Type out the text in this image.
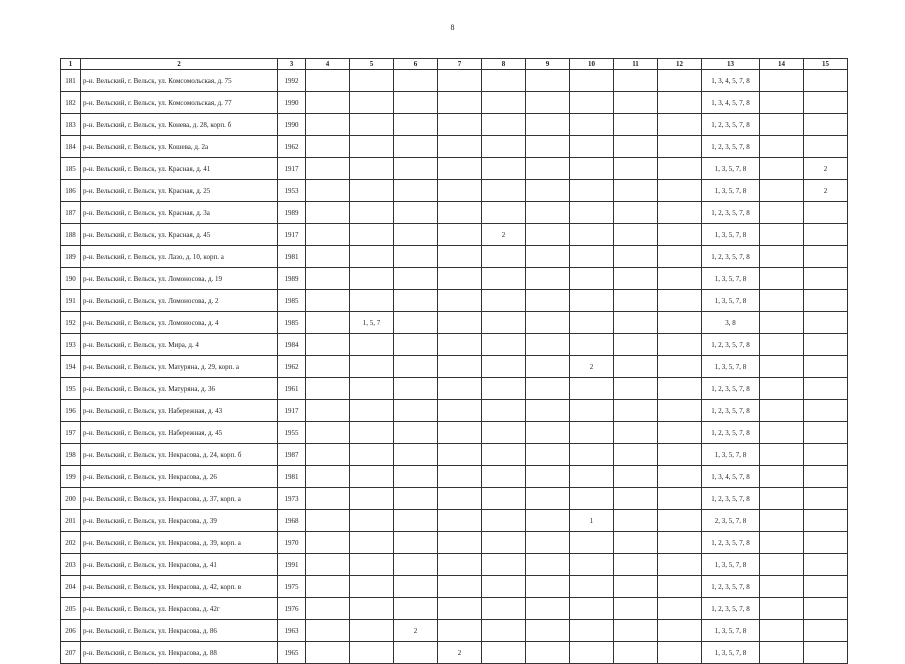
8
1	2	3	4	5	6	7	8	9	10	11	12	13	14	15
181	р-н. Вельский, г. Вельск, ул. Комсомольская, д. 75	1992										1, 3, 4, 5, 7, 8		
182	р-н. Вельский, г. Вельск, ул. Комсомольская, д. 77	1990										1, 3, 4, 5, 7, 8		
183	р-н. Вельский, г. Вельск, ул. Конева, д. 28, корп. б	1990										1, 2, 3, 5, 7, 8		
184	р-н. Вельский, г. Вельск, ул. Кошева, д. 2а	1962										1, 2, 3, 5, 7, 8		
185	р-н. Вельский, г. Вельск, ул. Красная, д. 41	1917										1, 3, 5, 7, 8		2
186	р-н. Вельский, г. Вельск, ул. Красная, д. 25	1953										1, 3, 5, 7, 8		2
187	р-н. Вельский, г. Вельск, ул. Красная, д. 3а	1989										1, 2, 3, 5, 7, 8		
188	р-н. Вельский, г. Вельск, ул. Красная, д. 45	1917					2					1, 3, 5, 7, 8		
189	р-н. Вельский, г. Вельск, ул. Лазо, д. 10, корп. а	1981										1, 2, 3, 5, 7, 8		
190	р-н. Вельский, г. Вельск, ул. Ломоносова, д. 19	1989										1, 3, 5, 7, 8		
191	р-н. Вельский, г. Вельск, ул. Ломоносова, д. 2	1985										1, 3, 5, 7, 8		
192	р-н. Вельский, г. Вельск, ул. Ломоносова, д. 4	1985		1, 5, 7								3, 8		
193	р-н. Вельский, г. Вельск, ул. Мира, д. 4	1984										1, 2, 3, 5, 7, 8		
194	р-н. Вельский, г. Вельск, ул. Матуряна, д. 29, корп. а	1962							2			1, 3, 5, 7, 8		
195	р-н. Вельский, г. Вельск, ул. Матуряна, д. 36	1961										1, 2, 3, 5, 7, 8		
196	р-н. Вельский, г. Вельск, ул. Набережная, д. 43	1917										1, 2, 3, 5, 7, 8		
197	р-н. Вельский, г. Вельск, ул. Набережная, д. 45	1955										1, 2, 3, 5, 7, 8		
198	р-н. Вельский, г. Вельск, ул. Некрасова, д. 24, корп. б	1987										1, 3, 5, 7, 8		
199	р-н. Вельский, г. Вельск, ул. Некрасова, д. 26	1981										1, 3, 4, 5, 7, 8		
200	р-н. Вельский, г. Вельск, ул. Некрасова, д. 37, корп. а	1973										1, 2, 3, 5, 7, 8		
201	р-н. Вельский, г. Вельск, ул. Некрасова, д. 39	1968							1			2, 3, 5, 7, 8		
202	р-н. Вельский, г. Вельск, ул. Некрасова, д. 39, корп. а	1970										1, 2, 3, 5, 7, 8		
203	р-н. Вельский, г. Вельск, ул. Некрасова, д. 41	1991										1, 3, 5, 7, 8		
204	р-н. Вельский, г. Вельск, ул. Некрасова, д. 42, корп. в	1975										1, 2, 3, 5, 7, 8		
205	р-н. Вельский, г. Вельск, ул. Некрасова, д. 42г	1976										1, 2, 3, 5, 7, 8		
206	р-н. Вельский, г. Вельск, ул. Некрасова, д. 86	1963			2							1, 3, 5, 7, 8		
207	р-н. Вельский, г. Вельск, ул. Некрасова, д. 88	1965				2						1, 3, 5, 7, 8		
